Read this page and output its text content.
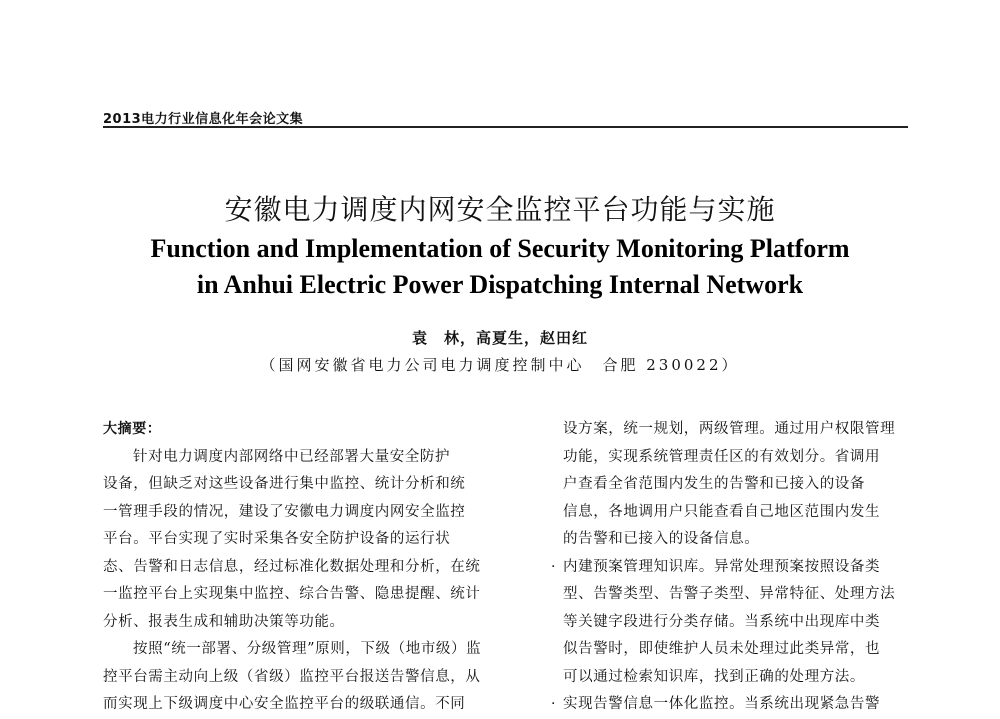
2013电力行业信息化年会论文集
安徽电力调度内网安全监控平台功能与实施
Function and Implementation of Security Monitoring Platform
in Anhui Electric Power Dispatching Internal Network
袁　林，高夏生，赵田红
（国网安徽省电力公司电力调度控制中心　合肥 230022）
大摘要：
针对电力调度内部网络中已经部署大量安全防护
设备，但缺乏对这些设备进行集中监控、统计分析和统
一管理手段的情况，建设了安徽电力调度内网安全监控
平台。平台实现了实时采集各安全防护设备的运行状
态、告警和日志信息，经过标准化数据处理和分析，在统
一监控平台上实现集中监控、综合告警、隐患提醒、统计
分析、报表生成和辅助决策等功能。
按照“统一部署、分级管理”原则，下级（地市级）监
控平台需主动向上级（省级）监控平台报送告警信息，从
而实现上下级调度中心安全监控平台的级联通信。不同
设方案，统一规划，两级管理。通过用户权限管理
功能，实现系统管理责任区的有效划分。省调用
户查看全省范围内发生的告警和已接入的设备
信息，各地调用户只能查看自己地区范围内发生
的告警和已接入的设备信息。
· 内建预案管理知识库。异常处理预案按照设备类
型、告警类型、告警子类型、异常特征、处理方法
等关键字段进行分类存储。当系统中出现库中类
似告警时，即使维护人员未处理过此类异常，也
可以通过检索知识库，找到正确的处理方法。
· 实现告警信息一体化监控。当系统出现紧急告警
